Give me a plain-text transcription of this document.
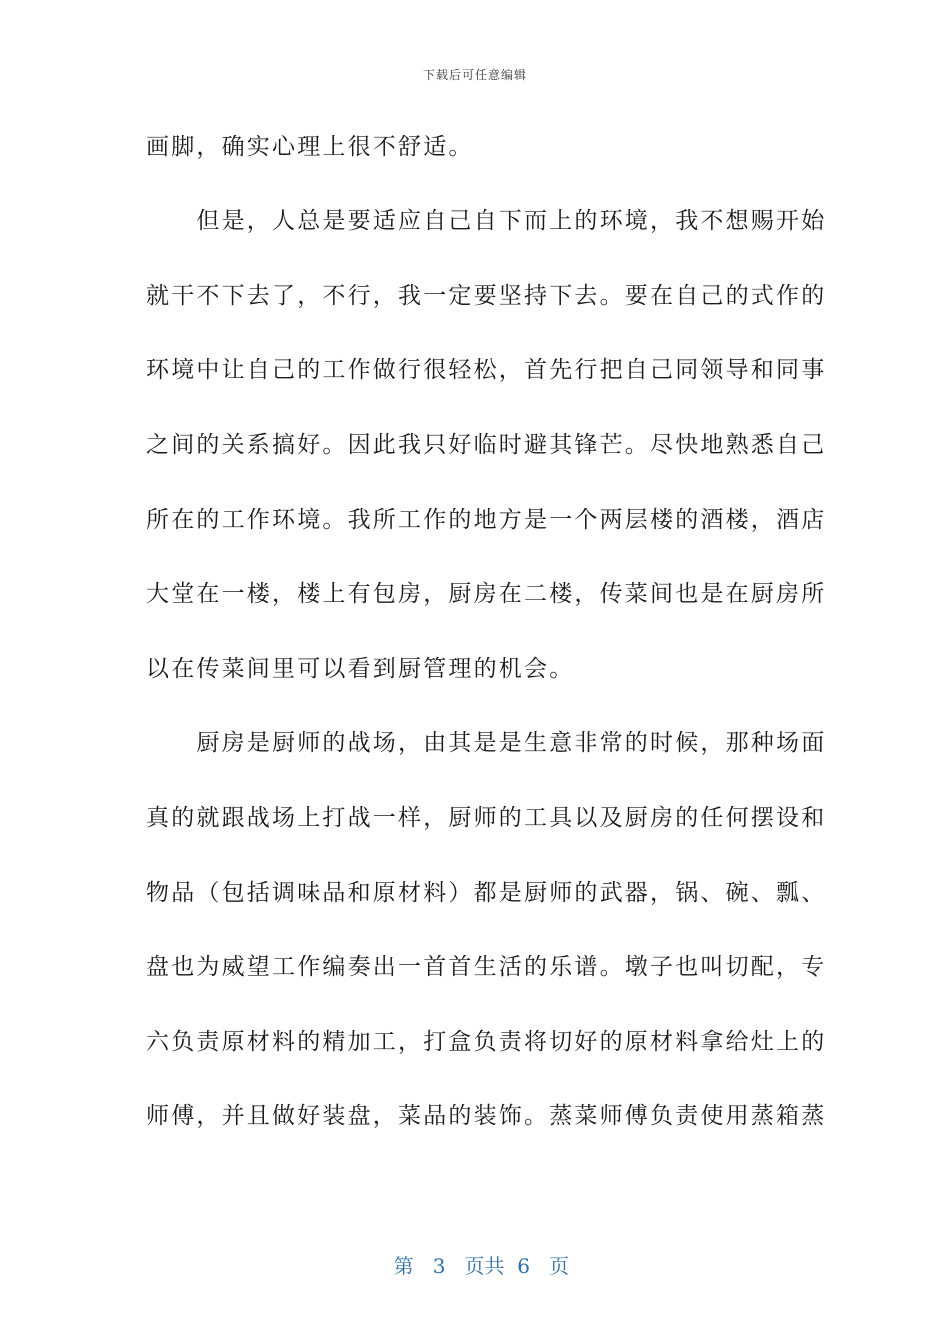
下载后可任意编辑
画脚，确实心理上很不舒适。
　　但是，人总是要适应自己自下而上的环境，我不想赐开始
就干不下去了，不行，我一定要坚持下去。要在自己的式作的
环境中让自己的工作做行很轻松，首先行把自己同领导和同事
之间的关系搞好。因此我只好临时避其锋芒。尽快地熟悉自己
所在的工作环境。我所工作的地方是一个两层楼的酒楼，酒店
大堂在一楼，楼上有包房，厨房在二楼，传菜间也是在厨房所
以在传菜间里可以看到厨管理的机会。
　　厨房是厨师的战场，由其是是生意非常的时候，那种场面
真的就跟战场上打战一样，厨师的工具以及厨房的任何摆设和
物品（包括调味品和原材料）都是厨师的武器，锅、碗、瓢、
盘也为威望工作编奏出一首首生活的乐谱。墩子也叫切配，专
六负责原材料的精加工，打盒负责将切好的原材料拿给灶上的
师傅，并且做好装盘，菜品的装饰。蒸菜师傅负责使用蒸箱蒸

第 3 页共 6 页
